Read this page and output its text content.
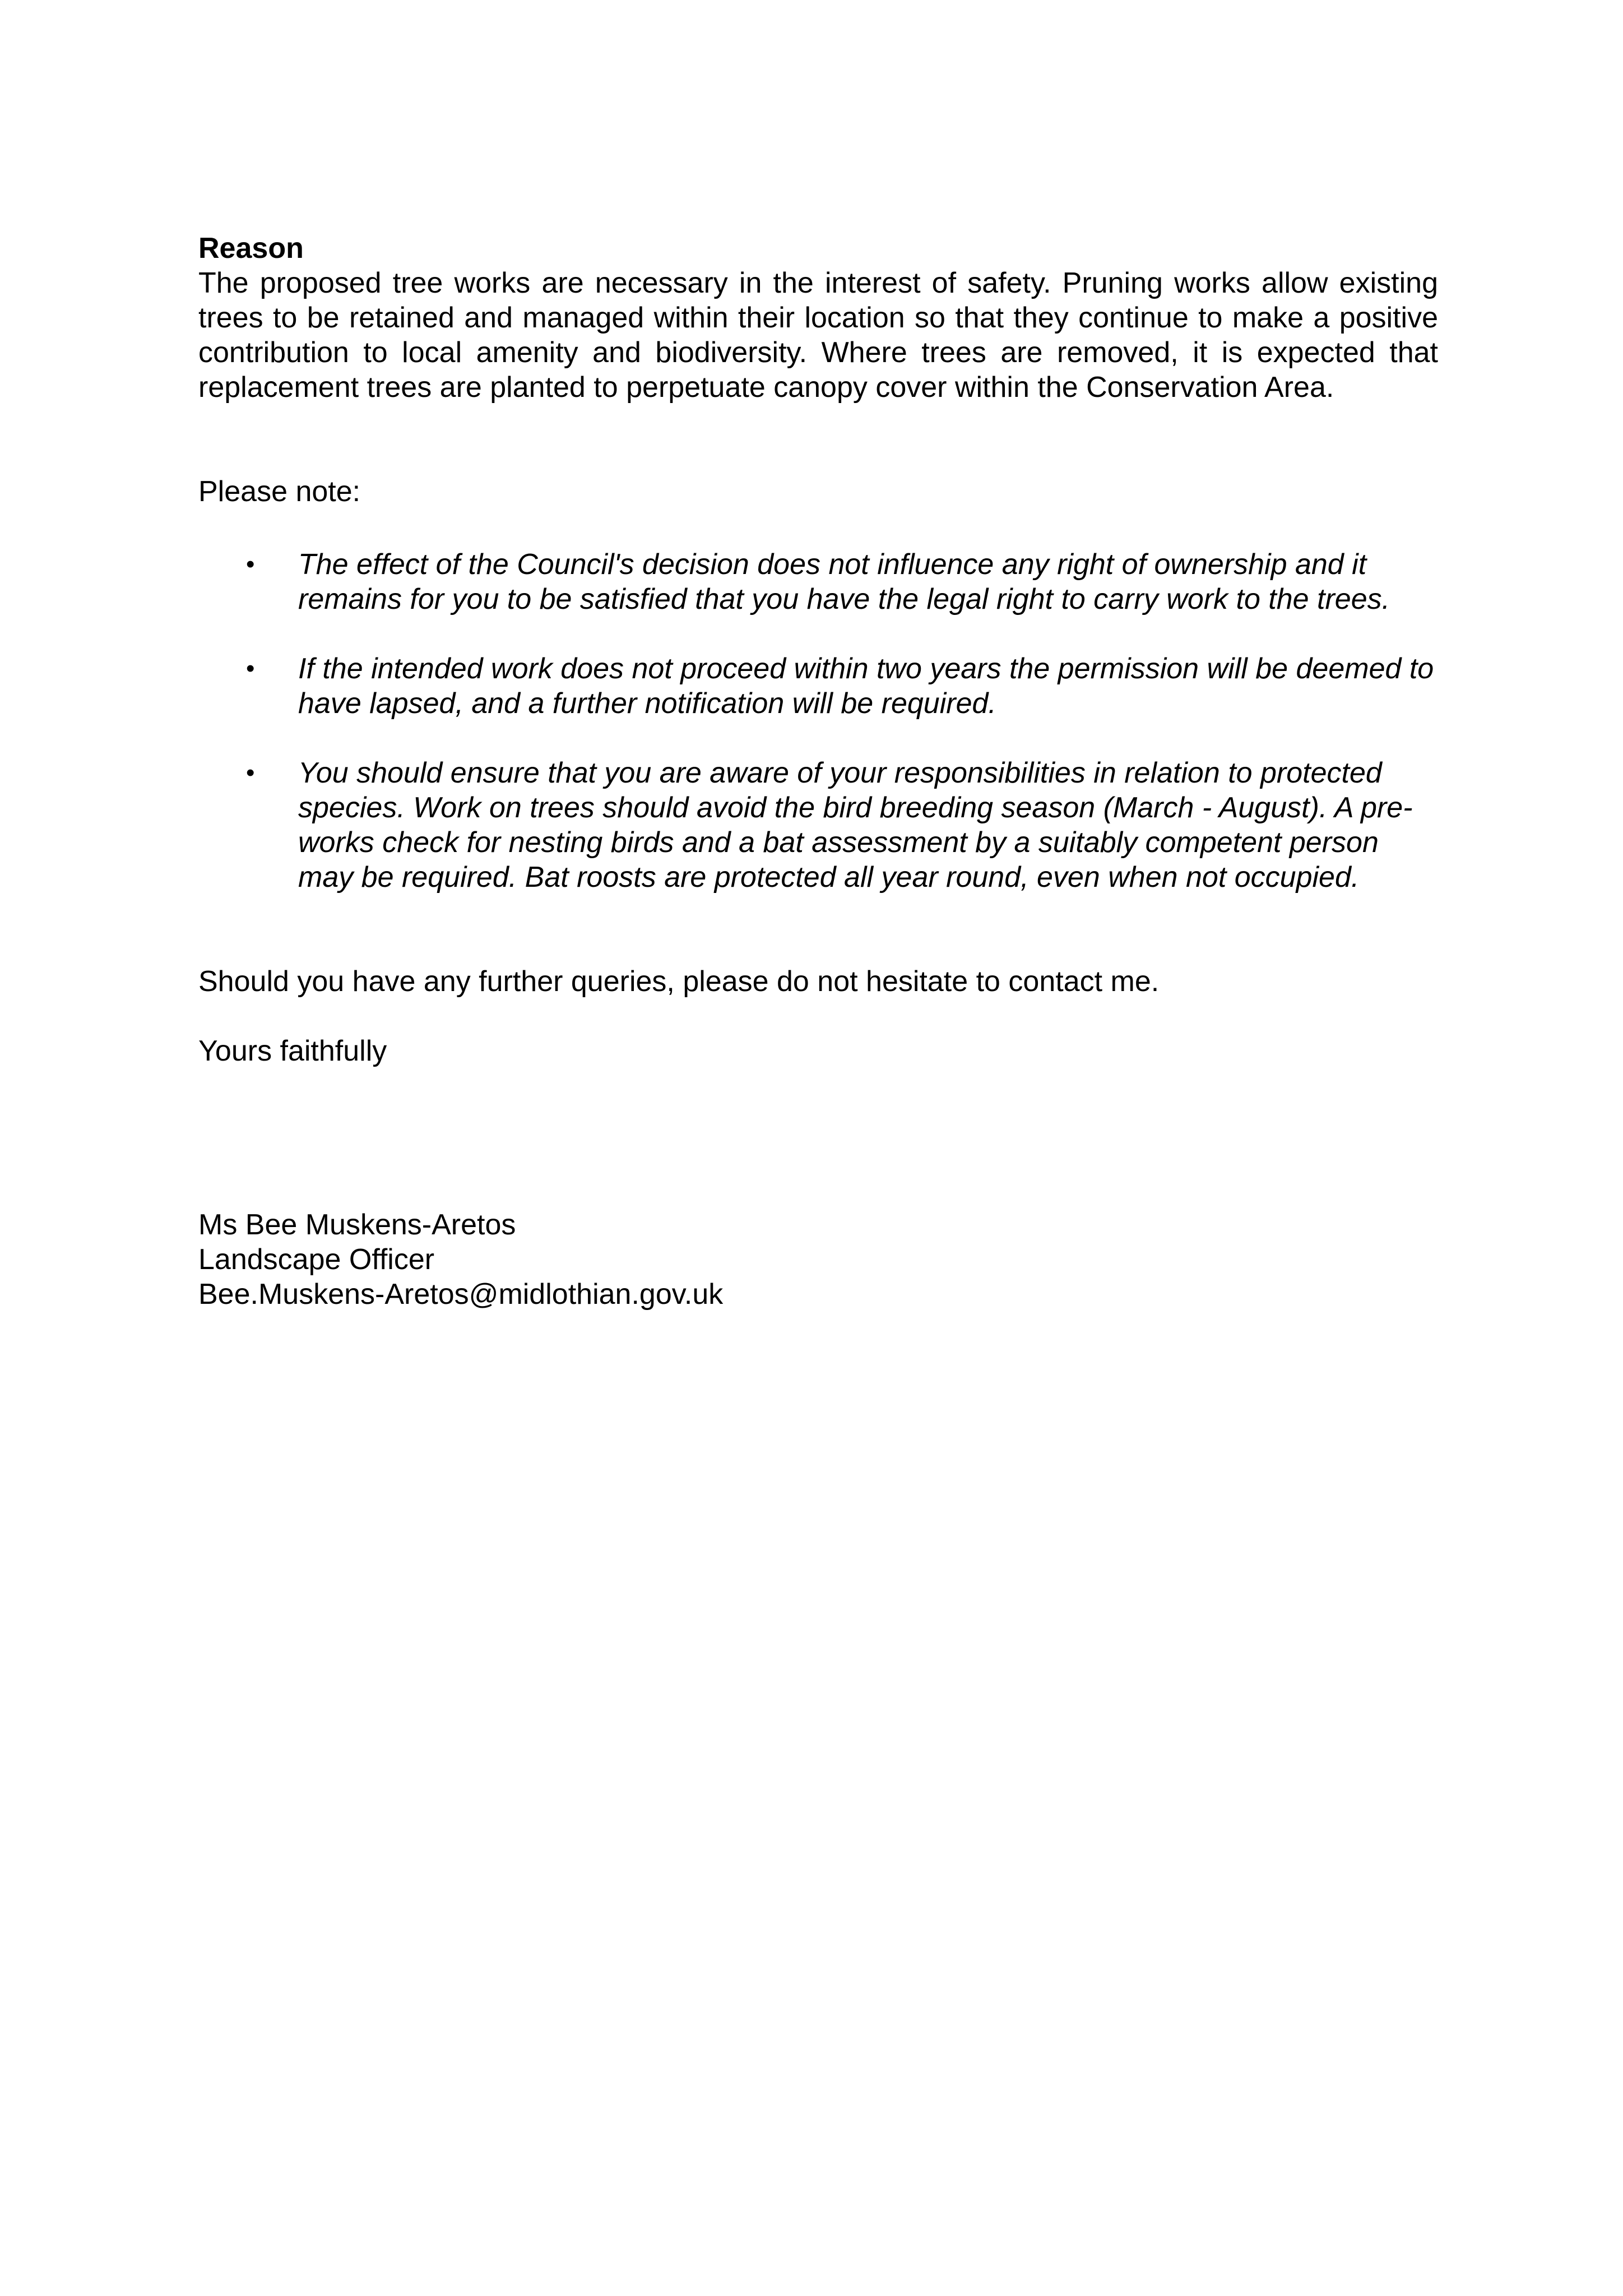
Reason

The proposed tree works are necessary in the interest of safety. Pruning works allow existing trees to be retained and managed within their location so that they continue to make a positive contribution to local amenity and biodiversity. Where trees are removed, it is expected that replacement trees are planted to perpetuate canopy cover within the Conservation Area.

Please note:

• The effect of the Council's decision does not influence any right of ownership and it remains for you to be satisfied that you have the legal right to carry work to the trees.
• If the intended work does not proceed within two years the permission will be deemed to have lapsed, and a further notification will be required.
• You should ensure that you are aware of your responsibilities in relation to protected species. Work on trees should avoid the bird breeding season (March - August). A pre-works check for nesting birds and a bat assessment by a suitably competent person may be required. Bat roosts are protected all year round, even when not occupied.

Should you have any further queries, please do not hesitate to contact me.

Yours faithfully

Ms Bee Muskens-Aretos
Landscape Officer
Bee.Muskens-Aretos@midlothian.gov.uk
